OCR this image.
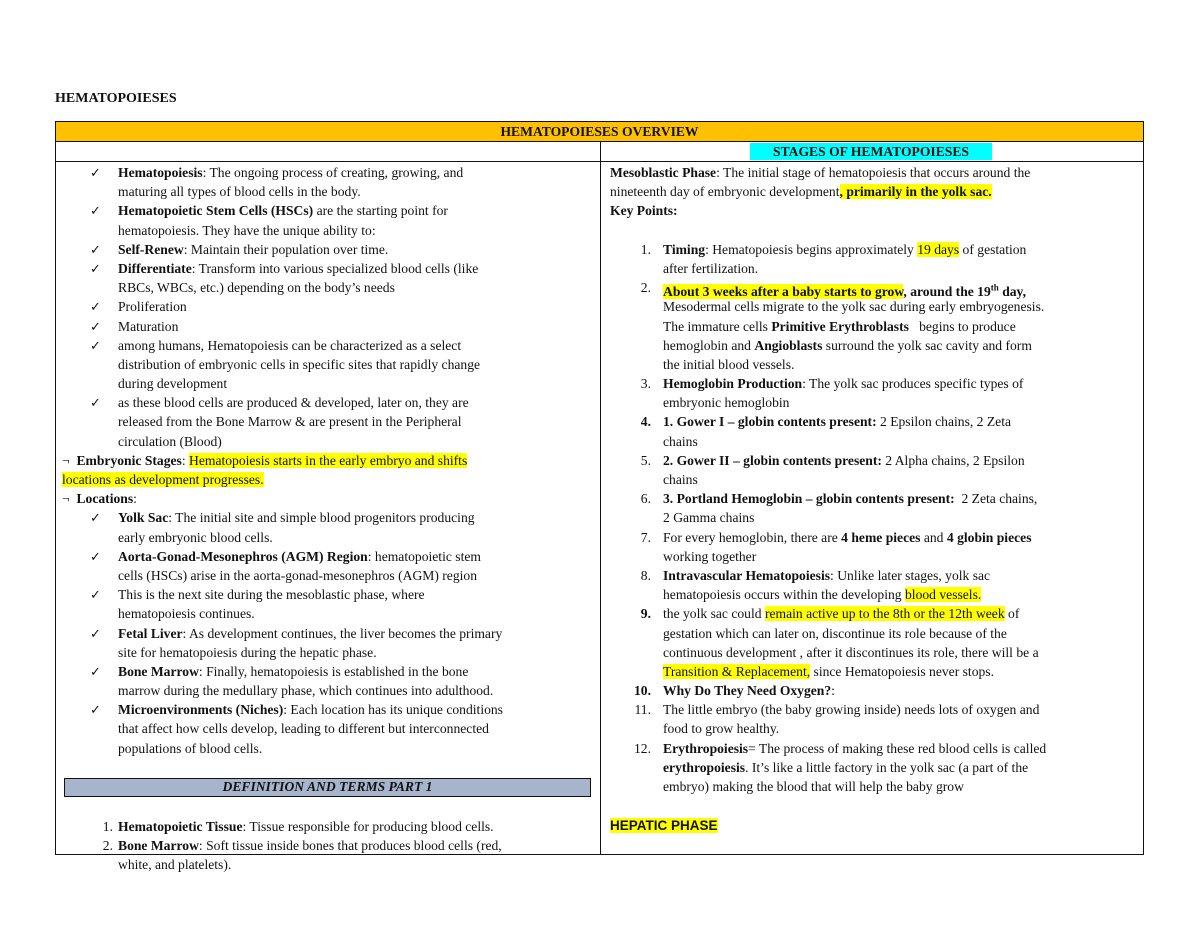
HEMATOPOIESES
HEMATOPOIESES OVERVIEW
✓ Hematopoiesis: The ongoing process of creating, growing, and
maturing all types of blood cells in the body.
✓ Hematopoietic Stem Cells (HSCs) are the starting point for
hematopoiesis. They have the unique ability to:
✓ Self-Renew: Maintain their population over time.
✓ Differentiate: Transform into various specialized blood cells (like
RBCs, WBCs, etc.) depending on the body’s needs
✓ Proliferation
✓ Maturation
✓ among humans, Hematopoiesis can be characterized as a select
distribution of embryonic cells in specific sites that rapidly change
during development
✓ as these blood cells are produced & developed, later on, they are
released from the Bone Marrow & are present in the Peripheral
circulation (Blood)
¬ Embryonic Stages: Hematopoiesis starts in the early embryo and shifts
locations as development progresses.
¬ Locations:
✓ Yolk Sac: The initial site and simple blood progenitors producing
early embryonic blood cells.
✓ Aorta-Gonad-Mesonephros (AGM) Region: hematopoietic stem
cells (HSCs) arise in the aorta-gonad-mesonephros (AGM) region
✓ This is the next site during the mesoblastic phase, where
hematopoiesis continues.
✓ Fetal Liver: As development continues, the liver becomes the primary
site for hematopoiesis during the hepatic phase.
✓ Bone Marrow: Finally, hematopoiesis is established in the bone
marrow during the medullary phase, which continues into adulthood.
✓ Microenvironments (Niches): Each location has its unique conditions
that affect how cells develop, leading to different but interconnected
populations of blood cells.
DEFINITION AND TERMS PART 1
1. Hematopoietic Tissue: Tissue responsible for producing blood cells.
2. Bone Marrow: Soft tissue inside bones that produces blood cells (red,
white, and platelets).
STAGES OF HEMATOPOIESES
Mesoblastic Phase: The initial stage of hematopoiesis that occurs around the
nineteenth day of embryonic development, primarily in the yolk sac.
Key Points:
1. Timing: Hematopoiesis begins approximately 19 days of gestation
after fertilization.
2. About 3 weeks after a baby starts to grow, around the 19th day,
Mesodermal cells migrate to the yolk sac during early embryogenesis.
The immature cells Primitive Erythroblasts   begins to produce
hemoglobin and Angioblasts surround the yolk sac cavity and form
the initial blood vessels.
3. Hemoglobin Production: The yolk sac produces specific types of
embryonic hemoglobin
4. 1. Gower I – globin contents present: 2 Epsilon chains, 2 Zeta
chains
5. 2. Gower II – globin contents present: 2 Alpha chains, 2 Epsilon
chains
6. 3. Portland Hemoglobin – globin contents present:  2 Zeta chains,
2 Gamma chains
7. For every hemoglobin, there are 4 heme pieces and 4 globin pieces
working together
8. Intravascular Hematopoiesis: Unlike later stages, yolk sac
hematopoiesis occurs within the developing blood vessels.
9. the yolk sac could remain active up to the 8th or the 12th week of
gestation which can later on, discontinue its role because of the
continuous development , after it discontinues its role, there will be a
Transition & Replacement, since Hematopoiesis never stops.
10. Why Do They Need Oxygen?:
11. The little embryo (the baby growing inside) needs lots of oxygen and
food to grow healthy.
12. Erythropoiesis= The process of making these red blood cells is called
erythropoiesis. It’s like a little factory in the yolk sac (a part of the
embryo) making the blood that will help the baby grow
HEPATIC PHASE
